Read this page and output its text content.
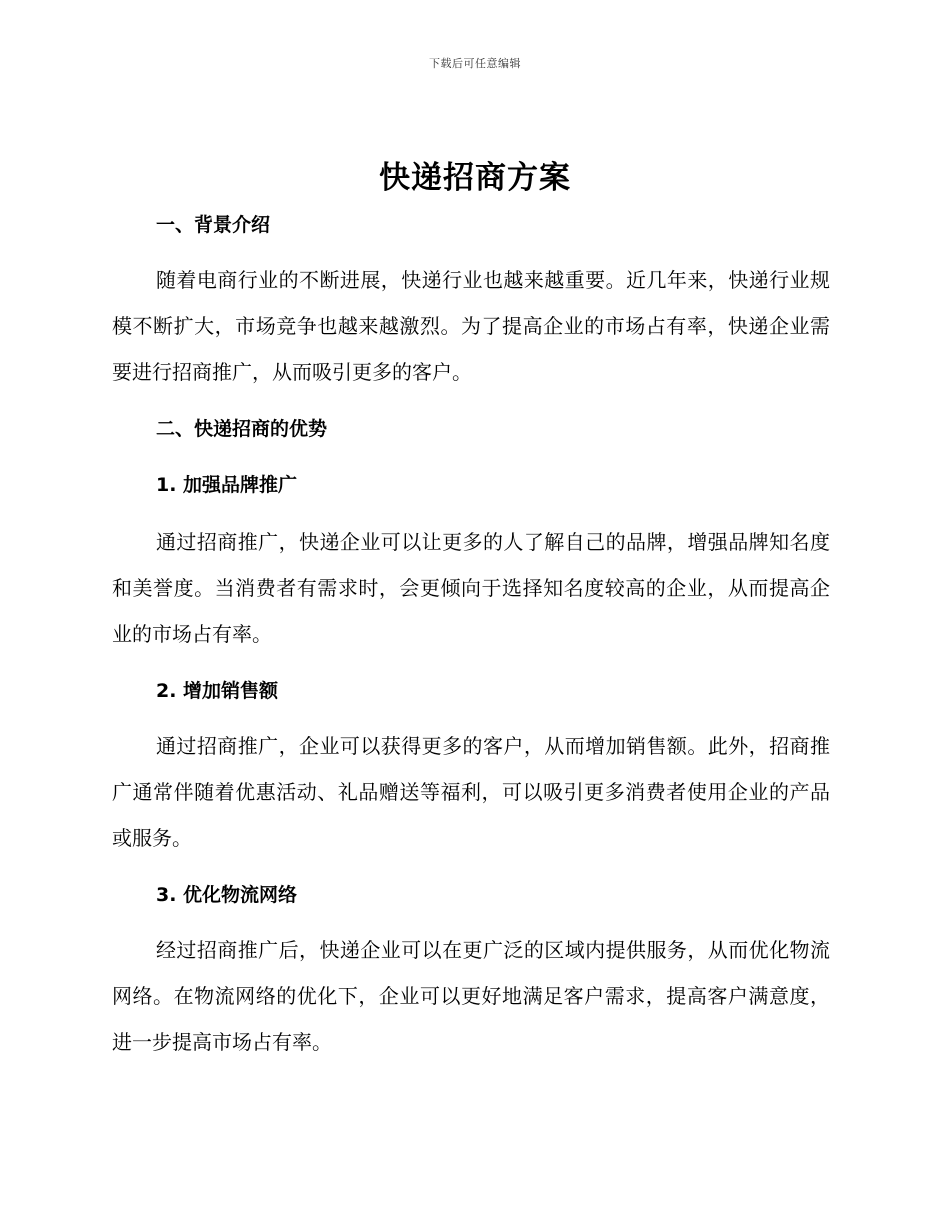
下载后可任意编辑
快递招商方案
一、背景介绍

随着电商行业的不断进展，快递行业也越来越重要。近几年来，快递行业规模不断扩大，市场竞争也越来越激烈。为了提高企业的市场占有率，快递企业需要进行招商推广，从而吸引更多的客户。

二、快递招商的优势
1. 加强品牌推广

通过招商推广，快递企业可以让更多的人了解自己的品牌，增强品牌知名度和美誉度。当消费者有需求时，会更倾向于选择知名度较高的企业，从而提高企业的市场占有率。

2. 增加销售额

通过招商推广，企业可以获得更多的客户，从而增加销售额。此外，招商推广通常伴随着优惠活动、礼品赠送等福利，可以吸引更多消费者使用企业的产品或服务。

3. 优化物流网络

经过招商推广后，快递企业可以在更广泛的区域内提供服务，从而优化物流网络。在物流网络的优化下，企业可以更好地满足客户需求，提高客户满意度，进一步提高市场占有率。
